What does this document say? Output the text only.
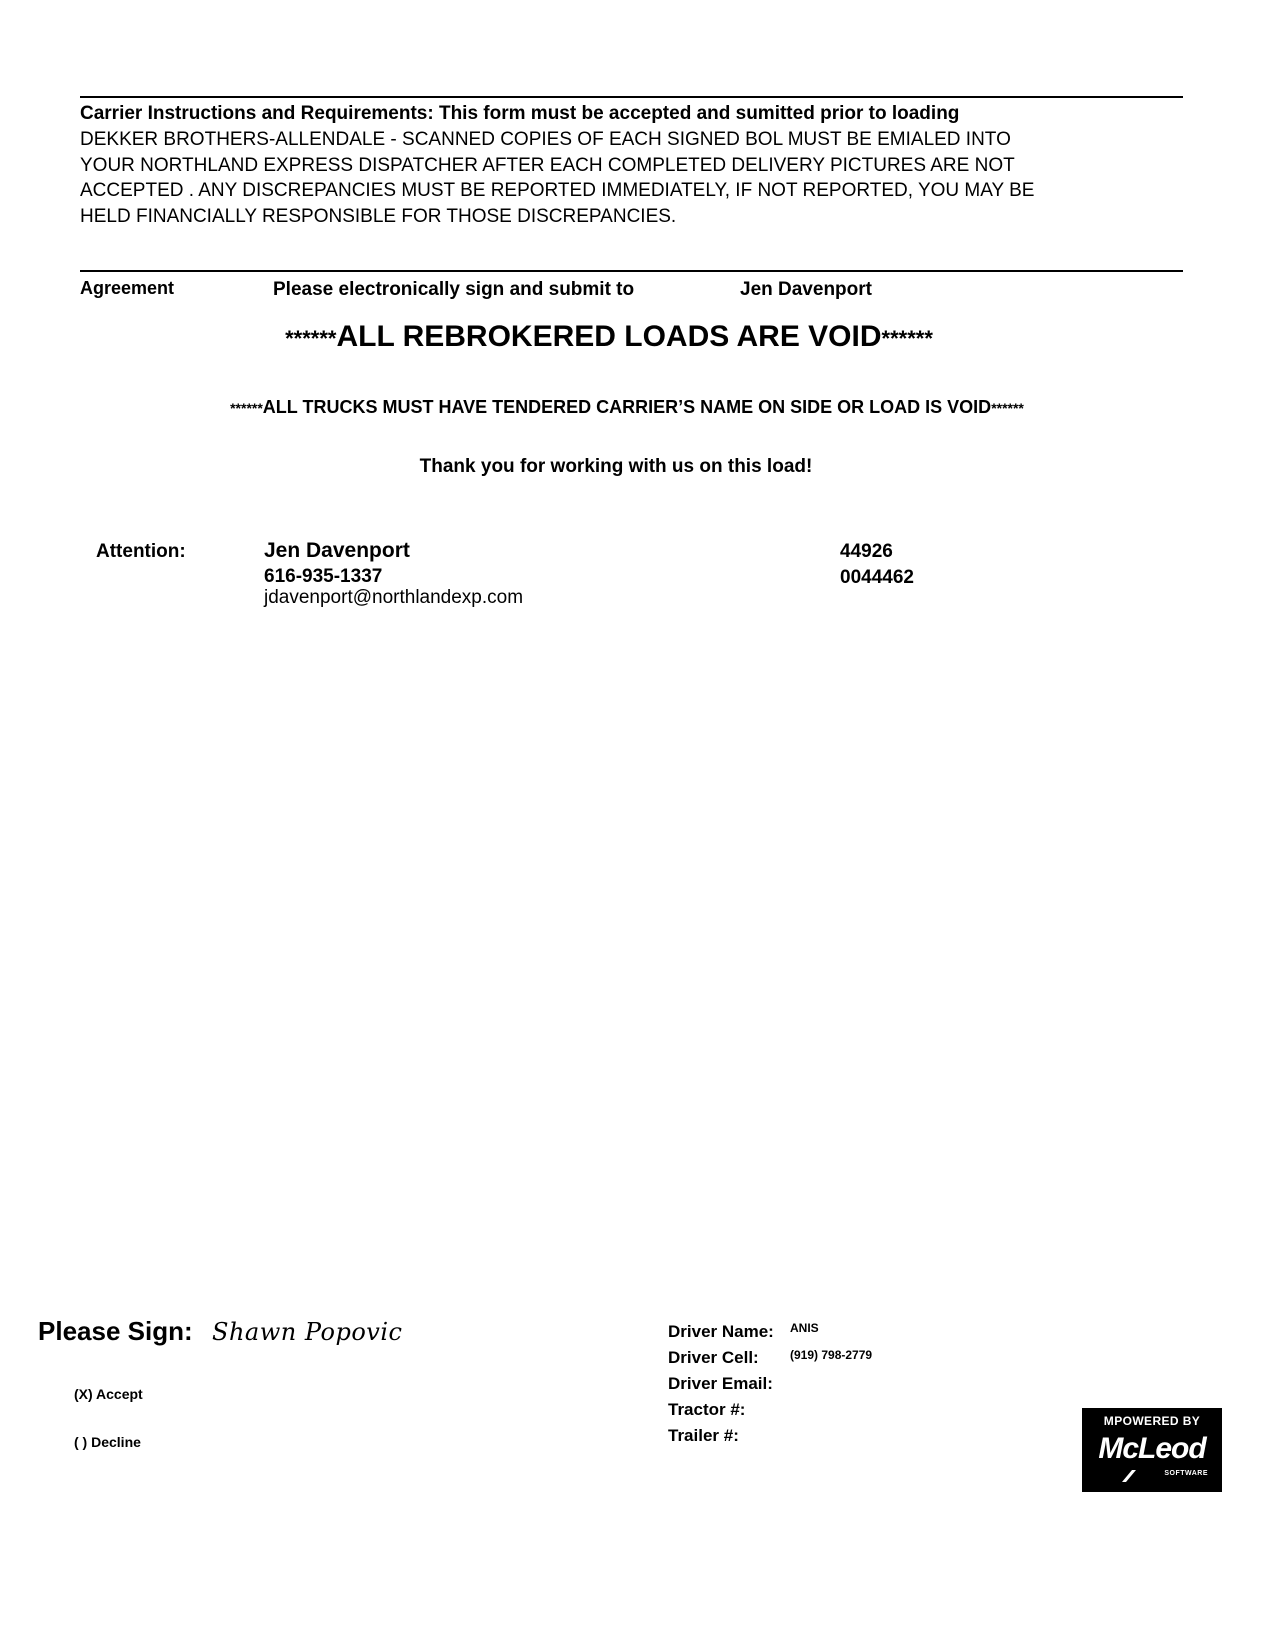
Carrier Instructions and Requirements: This form must be accepted and sumitted prior to loading
DEKKER BROTHERS-ALLENDALE - SCANNED COPIES OF EACH SIGNED BOL MUST BE EMIALED INTO
YOUR NORTHLAND EXPRESS DISPATCHER AFTER EACH COMPLETED DELIVERY PICTURES ARE NOT
ACCEPTED . ANY DISCREPANCIES MUST BE REPORTED IMMEDIATELY, IF NOT REPORTED, YOU MAY BE
HELD FINANCIALLY RESPONSIBLE FOR THOSE DISCREPANCIES.
Agreement	Please electronically sign and submit to	Jen Davenport
******ALL REBROKERED LOADS ARE VOID******
******ALL TRUCKS MUST HAVE TENDERED CARRIER’S NAME ON SIDE OR LOAD IS VOID******
Thank you for working with us on this load!
Attention:	Jen Davenport
616-935-1337
jdavenport@northlandexp.com
44926
0044462
Please Sign: Shawn Popovic
(X) Accept
( ) Decline
Driver Name: ANIS
Driver Cell:	(919) 798-2779
Driver Email:
Tractor #:
Trailer #:
MPOWERED BY
McLeod
SOFTWARE
